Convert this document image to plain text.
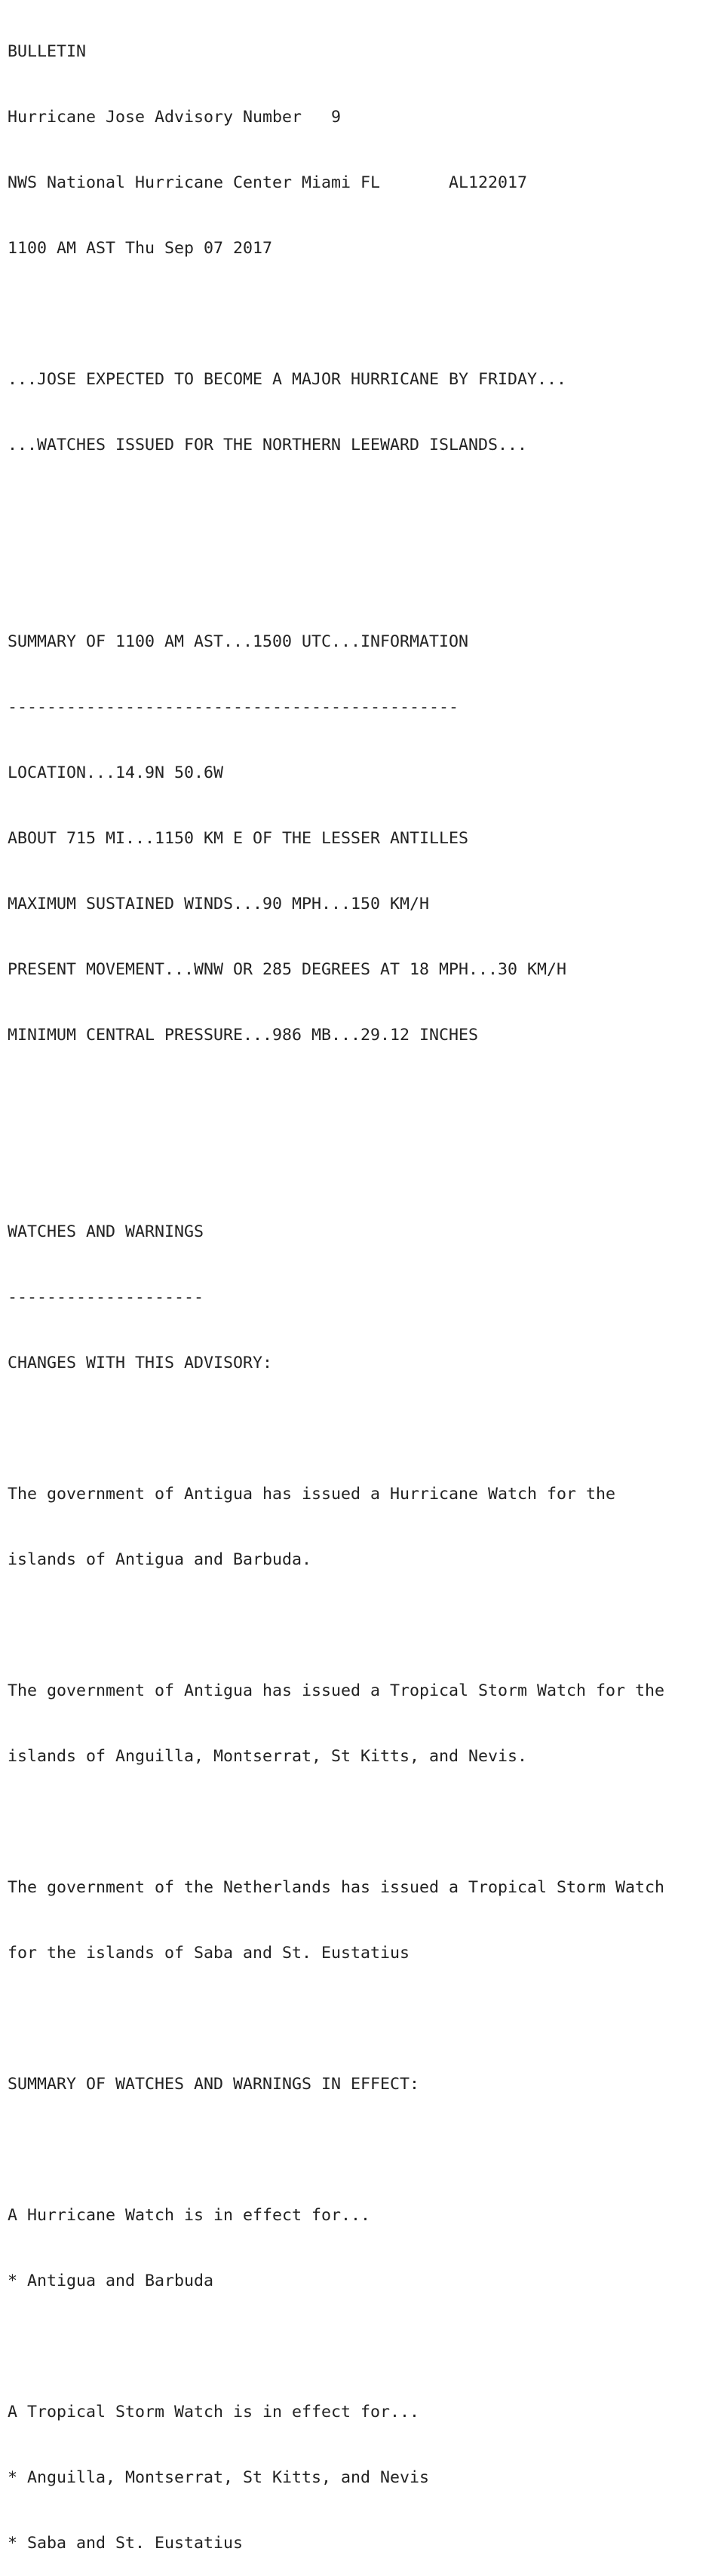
BULLETIN

Hurricane Jose Advisory Number   9

NWS National Hurricane Center Miami FL       AL122017

1100 AM AST Thu Sep 07 2017

...JOSE EXPECTED TO BECOME A MAJOR HURRICANE BY FRIDAY...

...WATCHES ISSUED FOR THE NORTHERN LEEWARD ISLANDS...

SUMMARY OF 1100 AM AST...1500 UTC...INFORMATION

----------------------------------------------

LOCATION...14.9N 50.6W

ABOUT 715 MI...1150 KM E OF THE LESSER ANTILLES

MAXIMUM SUSTAINED WINDS...90 MPH...150 KM/H

PRESENT MOVEMENT...WNW OR 285 DEGREES AT 18 MPH...30 KM/H

MINIMUM CENTRAL PRESSURE...986 MB...29.12 INCHES

WATCHES AND WARNINGS

--------------------

CHANGES WITH THIS ADVISORY:

The government of Antigua has issued a Hurricane Watch for the

islands of Antigua and Barbuda.

The government of Antigua has issued a Tropical Storm Watch for the

islands of Anguilla, Montserrat, St Kitts, and Nevis.

The government of the Netherlands has issued a Tropical Storm Watch

for the islands of Saba and St. Eustatius

SUMMARY OF WATCHES AND WARNINGS IN EFFECT:

A Hurricane Watch is in effect for...

* Antigua and Barbuda

A Tropical Storm Watch is in effect for...

* Anguilla, Montserrat, St Kitts, and Nevis

* Saba and St. Eustatius
